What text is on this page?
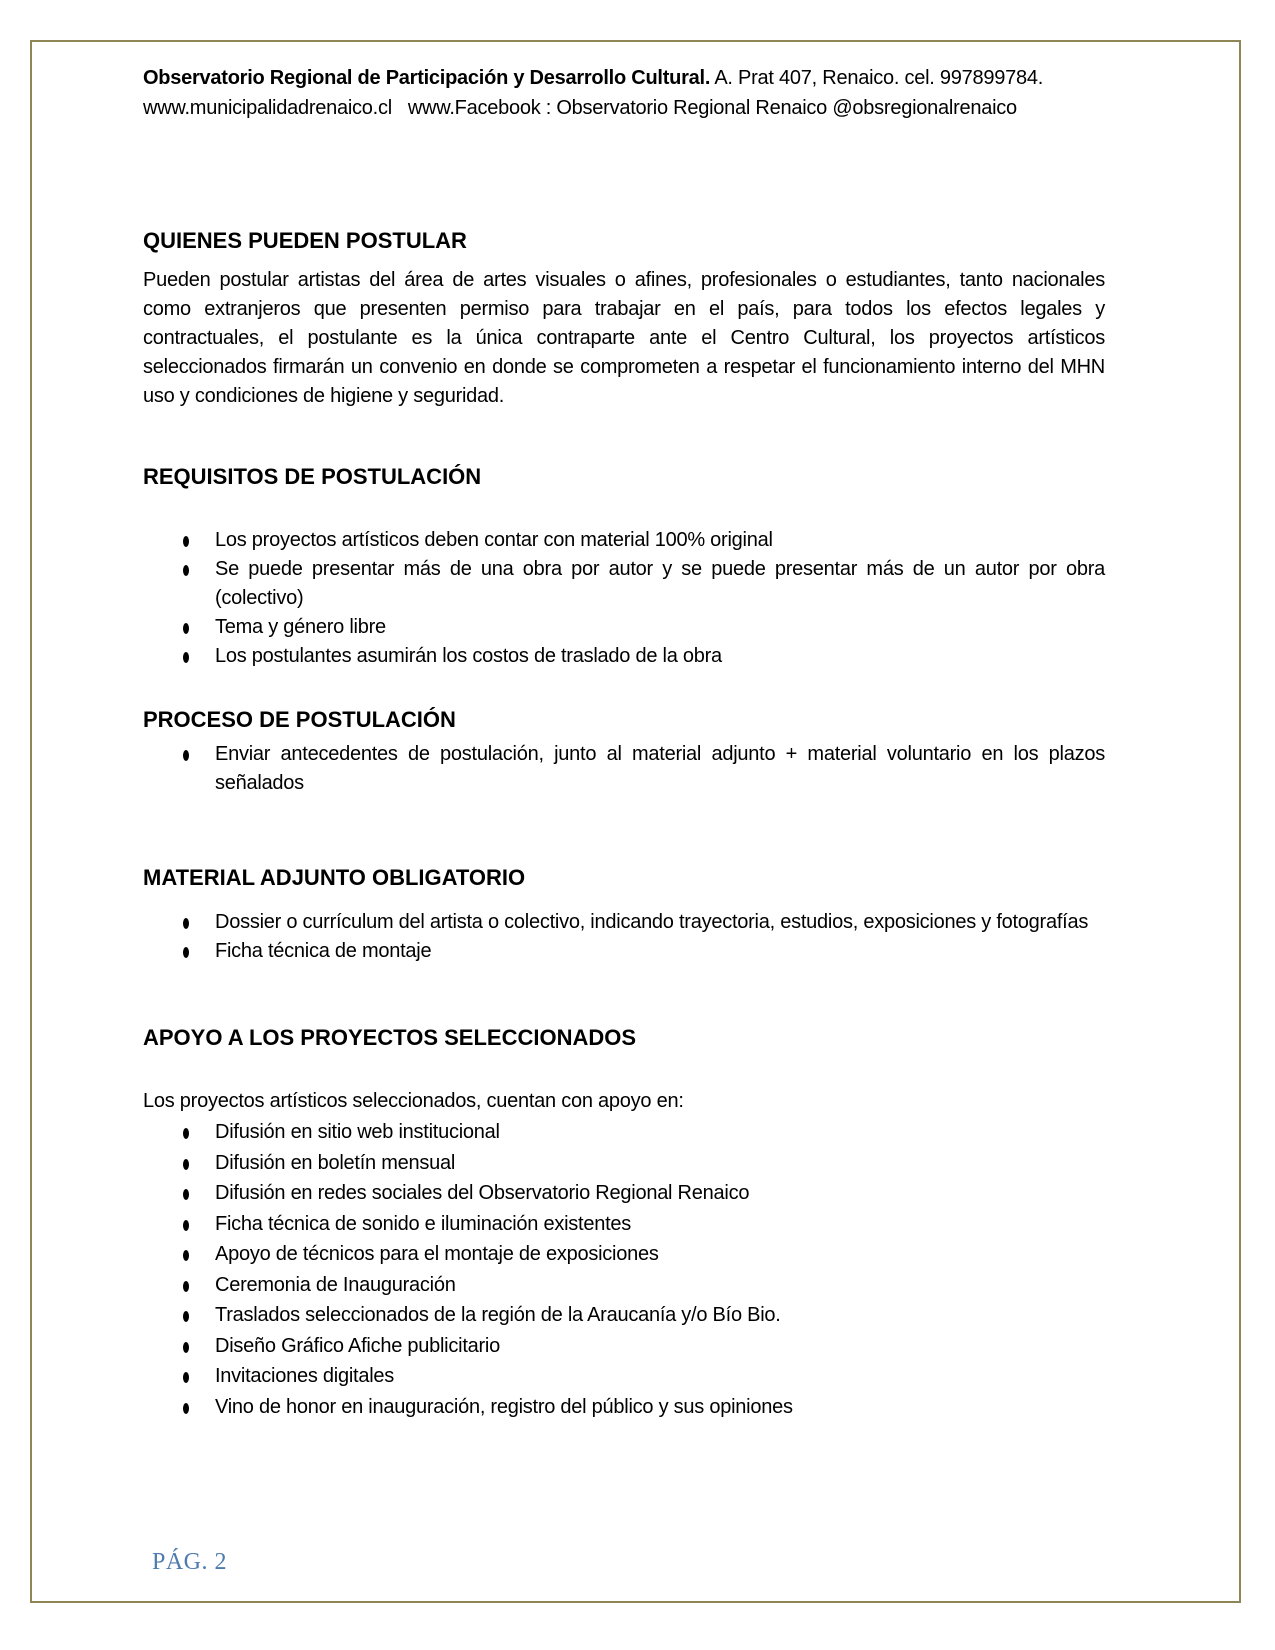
Observatorio Regional de Participación y Desarrollo Cultural. A. Prat 407, Renaico. cel. 997899784. www.municipalidadrenaico.cl   www.Facebook : Observatorio Regional Renaico @obsregionalrenaico

QUIENES PUEDEN POSTULAR

Pueden postular artistas del área de artes visuales o afines, profesionales o estudiantes, tanto nacionales como extranjeros que presenten permiso para trabajar en el país, para todos los efectos legales y contractuales, el postulante es la única contraparte ante el Centro Cultural, los proyectos artísticos seleccionados firmarán un convenio en donde se comprometen a respetar el funcionamiento interno del MHN uso y condiciones de higiene y seguridad.

REQUISITOS DE POSTULACIÓN
Los proyectos artísticos deben contar con material 100% original
Se puede presentar más de una obra por autor y se puede presentar más de un autor por obra (colectivo)
Tema y género libre
Los postulantes asumirán los costos de traslado de la obra
PROCESO DE POSTULACIÓN
Enviar antecedentes de postulación, junto al material adjunto + material voluntario en los plazos señalados
MATERIAL ADJUNTO OBLIGATORIO
Dossier o currículum del artista o colectivo, indicando trayectoria, estudios, exposiciones y fotografías
Ficha técnica de montaje
APOYO A LOS PROYECTOS SELECCIONADOS

Los proyectos artísticos seleccionados, cuentan con apoyo en:

Difusión en sitio web institucional
Difusión en boletín mensual
Difusión en redes sociales del Observatorio Regional Renaico
Ficha técnica de sonido e iluminación existentes
Apoyo de técnicos para el montaje de exposiciones
Ceremonia de Inauguración
Traslados seleccionados de la región de la Araucanía y/o Bío Bio.
Diseño Gráfico Afiche publicitario
Invitaciones digitales
Vino de honor en inauguración, registro del público y sus opiniones
PÁG. 2
